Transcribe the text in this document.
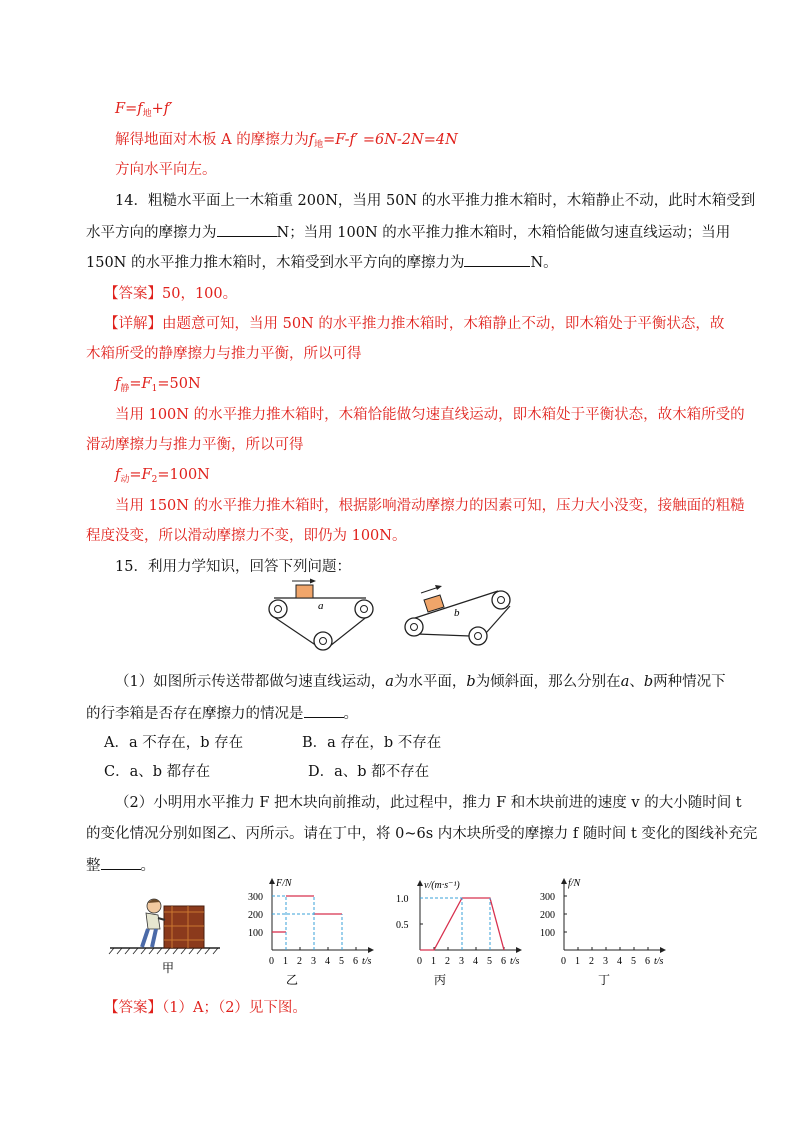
$F=f_地+f'$
解得地面对木板 A 的摩擦力为$f_地=F-f' =6N-2N=4N$
方向水平向左。
14．粗糙水平面上一木箱重 200N，当用 50N 的水平推力推木箱时，木箱静止不动，此时木箱受到
水平方向的摩擦力为	N；当用 100N 的水平推力推木箱时，木箱恰能做匀速直线运动；当用
150N 的水平推力推木箱时，木箱受到水平方向的摩擦力为	N。
【答案】50，100。
【详解】由题意可知，当用 50N 的水平推力推木箱时，木箱静止不动，即木箱处于平衡状态，故
木箱所受的静摩擦力与推力平衡，所以可得
$f_静=F_1=50N$
当用 100N 的水平推力推木箱时，木箱恰能做匀速直线运动，即木箱处于平衡状态，故木箱所受的
滑动摩擦力与推力平衡，所以可得
$f_动=F_2=100N$
当用 150N 的水平推力推木箱时，根据影响滑动摩擦力的因素可知，压力大小没变，接触面的粗糙
程度没变，所以滑动摩擦力不变，即仍为 100N。
15．利用力学知识，回答下列问题：
a
b
（1）如图所示传送带都做匀速直线运动，a为水平面，b为倾斜面，那么分别在a、b两种情况下
的行李箱是否存在摩擦力的情况是	。
A．a 不存在，b 存在	B．a 存在，b 不存在
C．a、b 都存在	D．a、b 都不存在
（2）小明用水平推力 F 把木块向前推动，此过程中，推力 F 和木块前进的速度 v 的大小随时间 t
的变化情况分别如图乙、丙所示。请在丁中，将 0~6s 内木块所受的摩擦力 f 随时间 t 变化的图线补充完
整	。
甲	0 1 2 3 4 5 6
300
200
100
F/N
t/s
乙
0 1 2 3 4 5 6
1.0
0.5
v/(m·s⁻¹)
t/s
丙
0 1 2 3 4 5 6
300
200
100
f/N
t/s
丁
【答案】（1）A；（2）见下图。
